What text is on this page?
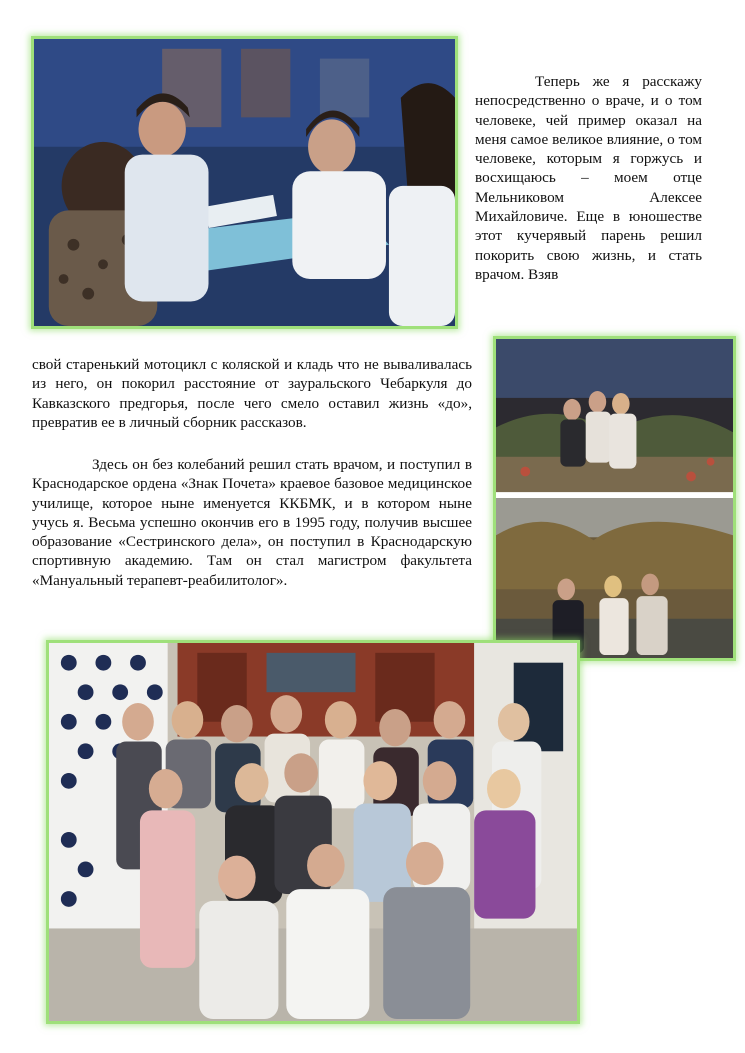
Теперь же я расскажу непосредственно о враче, и о том человеке, чей пример оказал на меня самое великое влияние, о том человеке, которым я горжусь и восхищаюсь – моем отце Мельниковом Алексее Михайловиче. Еще в юношестве этот кучерявый парень решил покорить свою жизнь, и стать врачом. Взяв

свой старенький мотоцикл с коляской и кладь что не вываливалась из него, он покорил расстояние от зауральского Чебаркуля до Кавказского предгорья, после чего смело оставил жизнь «до», превратив ее в личный сборник рассказов.

Здесь он без колебаний решил стать врачом, и поступил в Краснодарское ордена «Знак Почета» краевое базовое медицинское училище, которое ныне именуется ККБМК, и в котором ныне учусь я. Весьма успешно окончив его в 1995 году, получив высшее образование «Сестринского дела», он поступил в Краснодарскую спортивную академию. Там он стал магистром факультета «Мануальный терапевт-реабилитолог».
